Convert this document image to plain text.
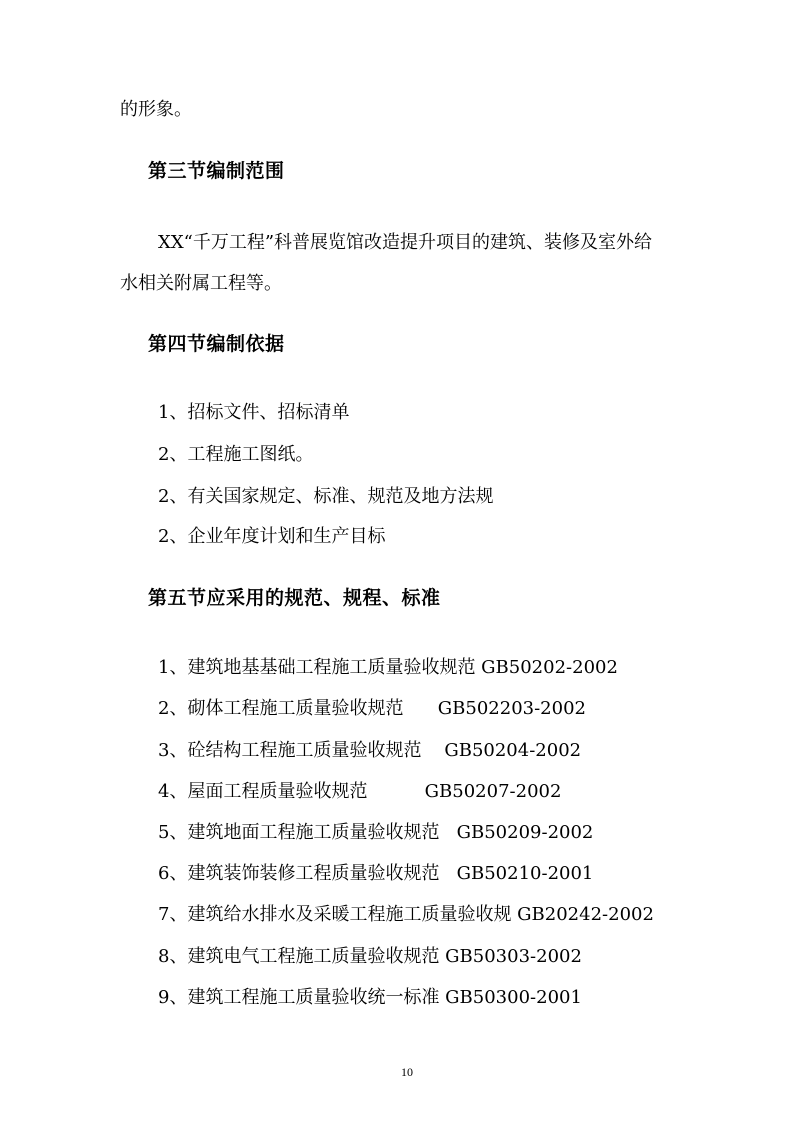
的形象。
第三节编制范围
XX“千万工程”科普展览馆改造提升项目的建筑、装修及室外给
水相关附属工程等。
第四节编制依据
1、招标文件、招标清单
2、工程施工图纸。
2、有关国家规定、标准、规范及地方法规
2、企业年度计划和生产目标
第五节应采用的规范、规程、标准
1、建筑地基基础工程施工质量验收规范 GB50202-2002
2、砌体工程施工质量验收规范      GB502203-2002
3、砼结构工程施工质量验收规范    GB50204-2002
4、屋面工程质量验收规范          GB50207-2002
5、建筑地面工程施工质量验收规范   GB50209-2002
6、建筑装饰装修工程质量验收规范   GB50210-2001
7、建筑给水排水及采暖工程施工质量验收规 GB20242-2002
8、建筑电气工程施工质量验收规范 GB50303-2002
9、建筑工程施工质量验收统一标准 GB50300-2001
10
